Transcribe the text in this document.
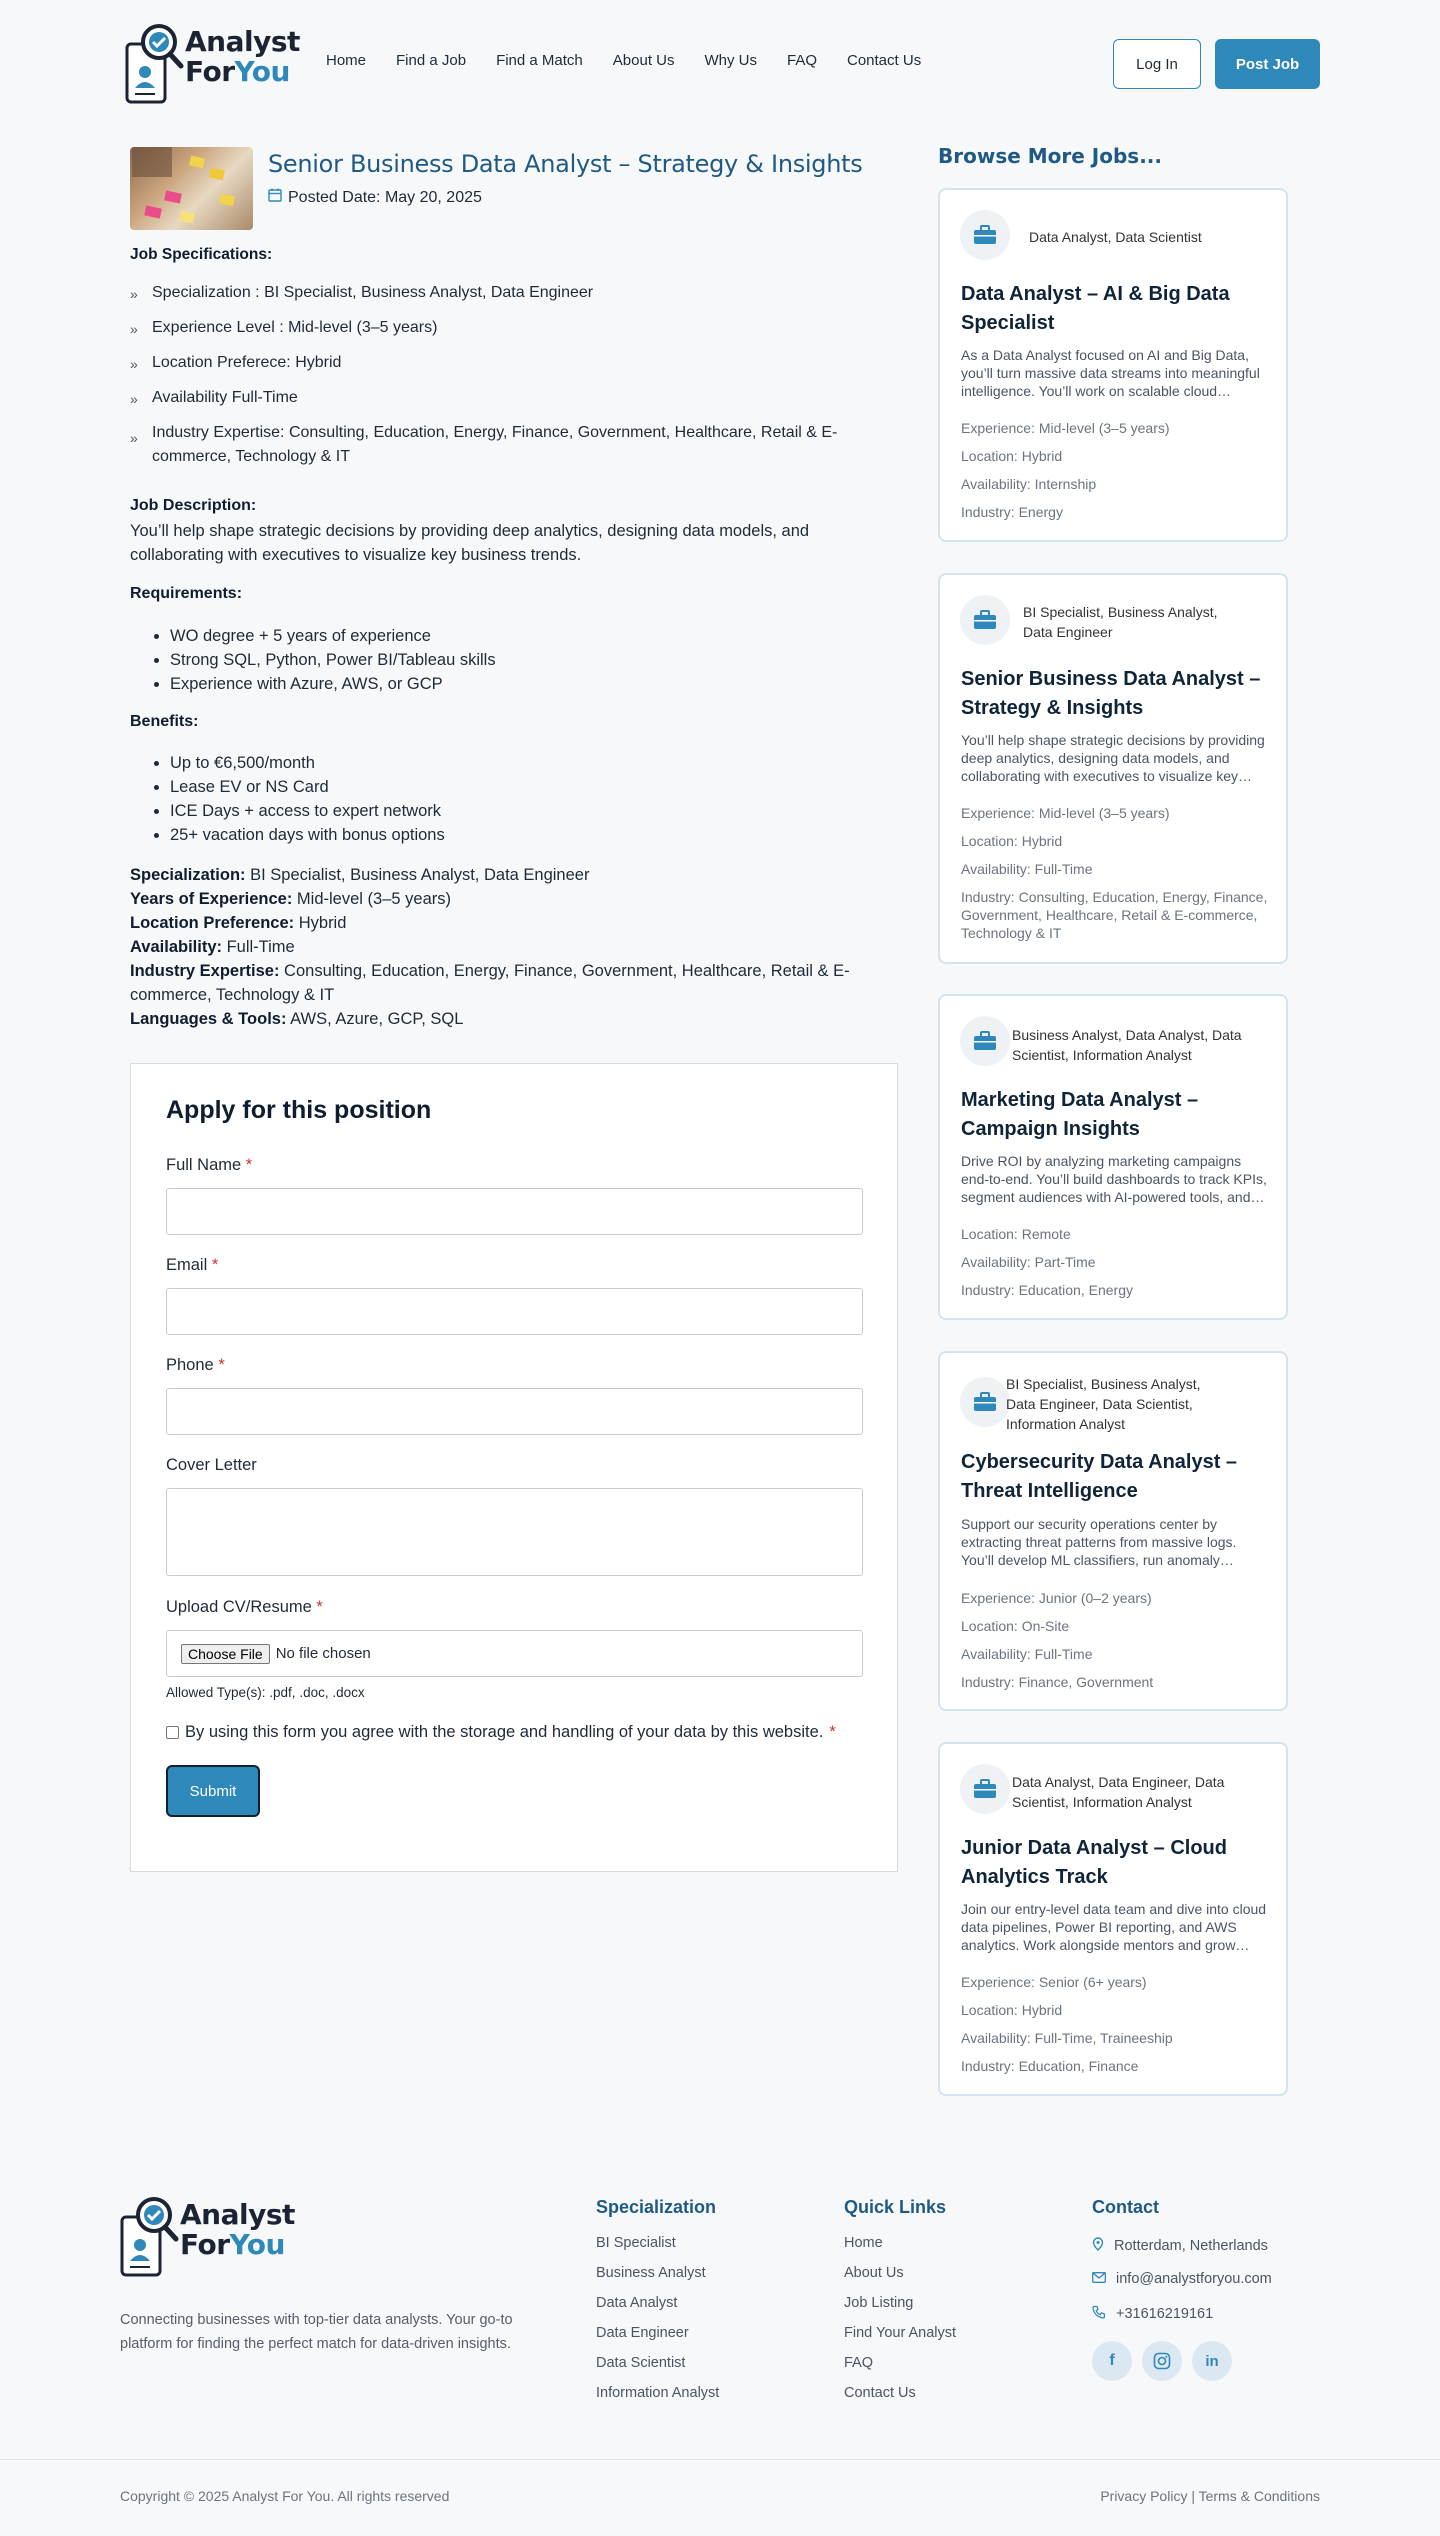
Analyst
ForYou	Home Find a Job Find a Match About Us Why Us FAQ Contact Us	Log In	Post Job
Senior Business Data Analyst – Strategy & Insights
Posted Date: May 20, 2025
Job Specifications:
» Specialization : BI Specialist, Business Analyst, Data Engineer
» Experience Level : Mid-level (3–5 years)
» Location Preferece: Hybrid
» Availability Full-Time
» Industry Expertise: Consulting, Education, Energy, Finance, Government, Healthcare, Retail & E-commerce, Technology & IT
Job Description:
You’ll help shape strategic decisions by providing deep analytics, designing data models, and collaborating with executives to visualize key business trends.
Requirements:
• WO degree + 5 years of experience
• Strong SQL, Python, Power BI/Tableau skills
• Experience with Azure, AWS, or GCP
Benefits:
• Up to €6,500/month
• Lease EV or NS Card
• ICE Days + access to expert network
• 25+ vacation days with bonus options
Specialization: BI Specialist, Business Analyst, Data Engineer
Years of Experience: Mid-level (3–5 years)
Location Preference: Hybrid
Availability: Full-Time
Industry Expertise: Consulting, Education, Energy, Finance, Government, Healthcare, Retail & E-commerce, Technology & IT
Languages & Tools: AWS, Azure, GCP, SQL
Apply for this position
Full Name *
Email *
Phone *
Cover Letter
Upload CV/Resume *
Choose File No file chosen
Allowed Type(s): .pdf, .doc, .docx
By using this form you agree with the storage and handling of your data by this website. *
Submit
Browse More Jobs...
Data Analyst, Data Scientist
Data Analyst – AI & Big Data Specialist
As a Data Analyst focused on AI and Big Data, you’ll turn massive data streams into meaningful intelligence. You’ll work on scalable cloud…
Experience: Mid-level (3–5 years)
Location: Hybrid
Availability: Internship
Industry: Energy
BI Specialist, Business Analyst, Data Engineer
Senior Business Data Analyst – Strategy & Insights
You’ll help shape strategic decisions by providing deep analytics, designing data models, and collaborating with executives to visualize key…
Experience: Mid-level (3–5 years)
Location: Hybrid
Availability: Full-Time
Industry: Consulting, Education, Energy, Finance, Government, Healthcare, Retail & E-commerce, Technology & IT
Business Analyst, Data Analyst, Data Scientist, Information Analyst
Marketing Data Analyst – Campaign Insights
Drive ROI by analyzing marketing campaigns end-to-end. You’ll build dashboards to track KPIs, segment audiences with AI-powered tools, and…
Location: Remote
Availability: Part-Time
Industry: Education, Energy
BI Specialist, Business Analyst, Data Engineer, Data Scientist, Information Analyst
Cybersecurity Data Analyst – Threat Intelligence
Support our security operations center by extracting threat patterns from massive logs. You’ll develop ML classifiers, run anomaly…
Experience: Junior (0–2 years)
Location: On-Site
Availability: Full-Time
Industry: Finance, Government
Data Analyst, Data Engineer, Data Scientist, Information Analyst
Junior Data Analyst – Cloud Analytics Track
Join our entry-level data team and dive into cloud data pipelines, Power BI reporting, and AWS analytics. Work alongside mentors and grow…
Experience: Senior (6+ years)
Location: Hybrid
Availability: Full-Time, Traineeship
Industry: Education, Finance
Analyst
ForYou
Connecting businesses with top-tier data analysts. Your go-to platform for finding the perfect match for data-driven insights.
Specialization
BI Specialist
Business Analyst
Data Analyst
Data Engineer
Data Scientist
Information Analyst
Quick Links
Home
About Us
Job Listing
Find Your Analyst
FAQ
Contact Us
Contact
Rotterdam, Netherlands
info@analystforyou.com
+31616219161
f	in
Copyright © 2025 Analyst For You. All rights reserved	Privacy Policy | Terms & Conditions
